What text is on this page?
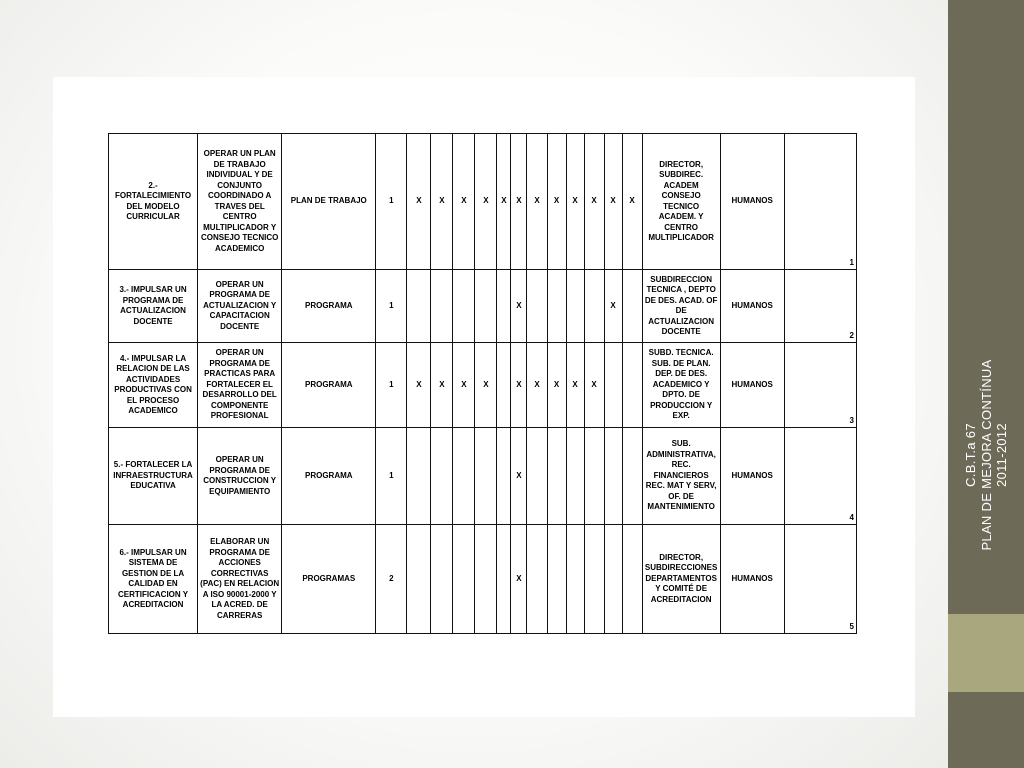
2.- FORTALECIMIENTO DEL MODELO CURRICULAR	OPERAR UN PLAN DE TRABAJO INDIVIDUAL Y DE CONJUNTO COORDINADO A TRAVES DEL CENTRO MULTIPLICADOR Y CONSEJO TECNICO ACADEMICO	PLAN DE TRABAJO	1	X	X	X	X	X	X	X	X	X	X	X	X	DIRECTOR, SUBDIREC. ACADEM CONSEJO TECNICO ACADEM. Y CENTRO MULTIPLICADOR	HUMANOS	1
3.- IMPULSAR UN PROGRAMA DE ACTUALIZACION DOCENTE	OPERAR UN PROGRAMA DE ACTUALIZACION Y CAPACITACION DOCENTE	PROGRAMA	1						X					X		SUBDIRECCION TECNICA , DEPTO DE DES. ACAD. OF DE ACTUALIZACION DOCENTE	HUMANOS	2
4.- IMPULSAR LA RELACION DE LAS ACTIVIDADES PRODUCTIVAS CON EL PROCESO ACADEMICO	OPERAR UN PROGRAMA DE PRACTICAS PARA FORTALECER EL DESARROLLO DEL COMPONENTE PROFESIONAL	PROGRAMA	1	X	X	X	X		X	X	X	X	X			SUBD. TECNICA. SUB. DE PLAN. DEP. DE DES. ACADEMICO Y DPTO. DE PRODUCCION Y EXP.	HUMANOS	3
5.- FORTALECER LA INFRAESTRUCTURA EDUCATIVA	OPERAR UN PROGRAMA DE CONSTRUCCION Y EQUIPAMIENTO	PROGRAMA	1						X							SUB. ADMINISTRATIVA, REC. FINANCIEROS REC. MAT Y SERV, OF. DE MANTENIMIENTO	HUMANOS	4
6.- IMPULSAR UN SISTEMA DE GESTION DE LA CALIDAD EN CERTIFICACION Y ACREDITACION	ELABORAR UN PROGRAMA DE ACCIONES CORRECTIVAS (PAC) EN RELACION A ISO 90001-2000 Y LA ACRED. DE CARRERAS	PROGRAMAS	2						X							DIRECTOR, SUBDIRECCIONES DEPARTAMENTOS Y COMITÉ DE ACREDITACION	HUMANOS	5
C.B.T.a 67 PLAN DE MEJORA CONTÍNUA 2011-2012
